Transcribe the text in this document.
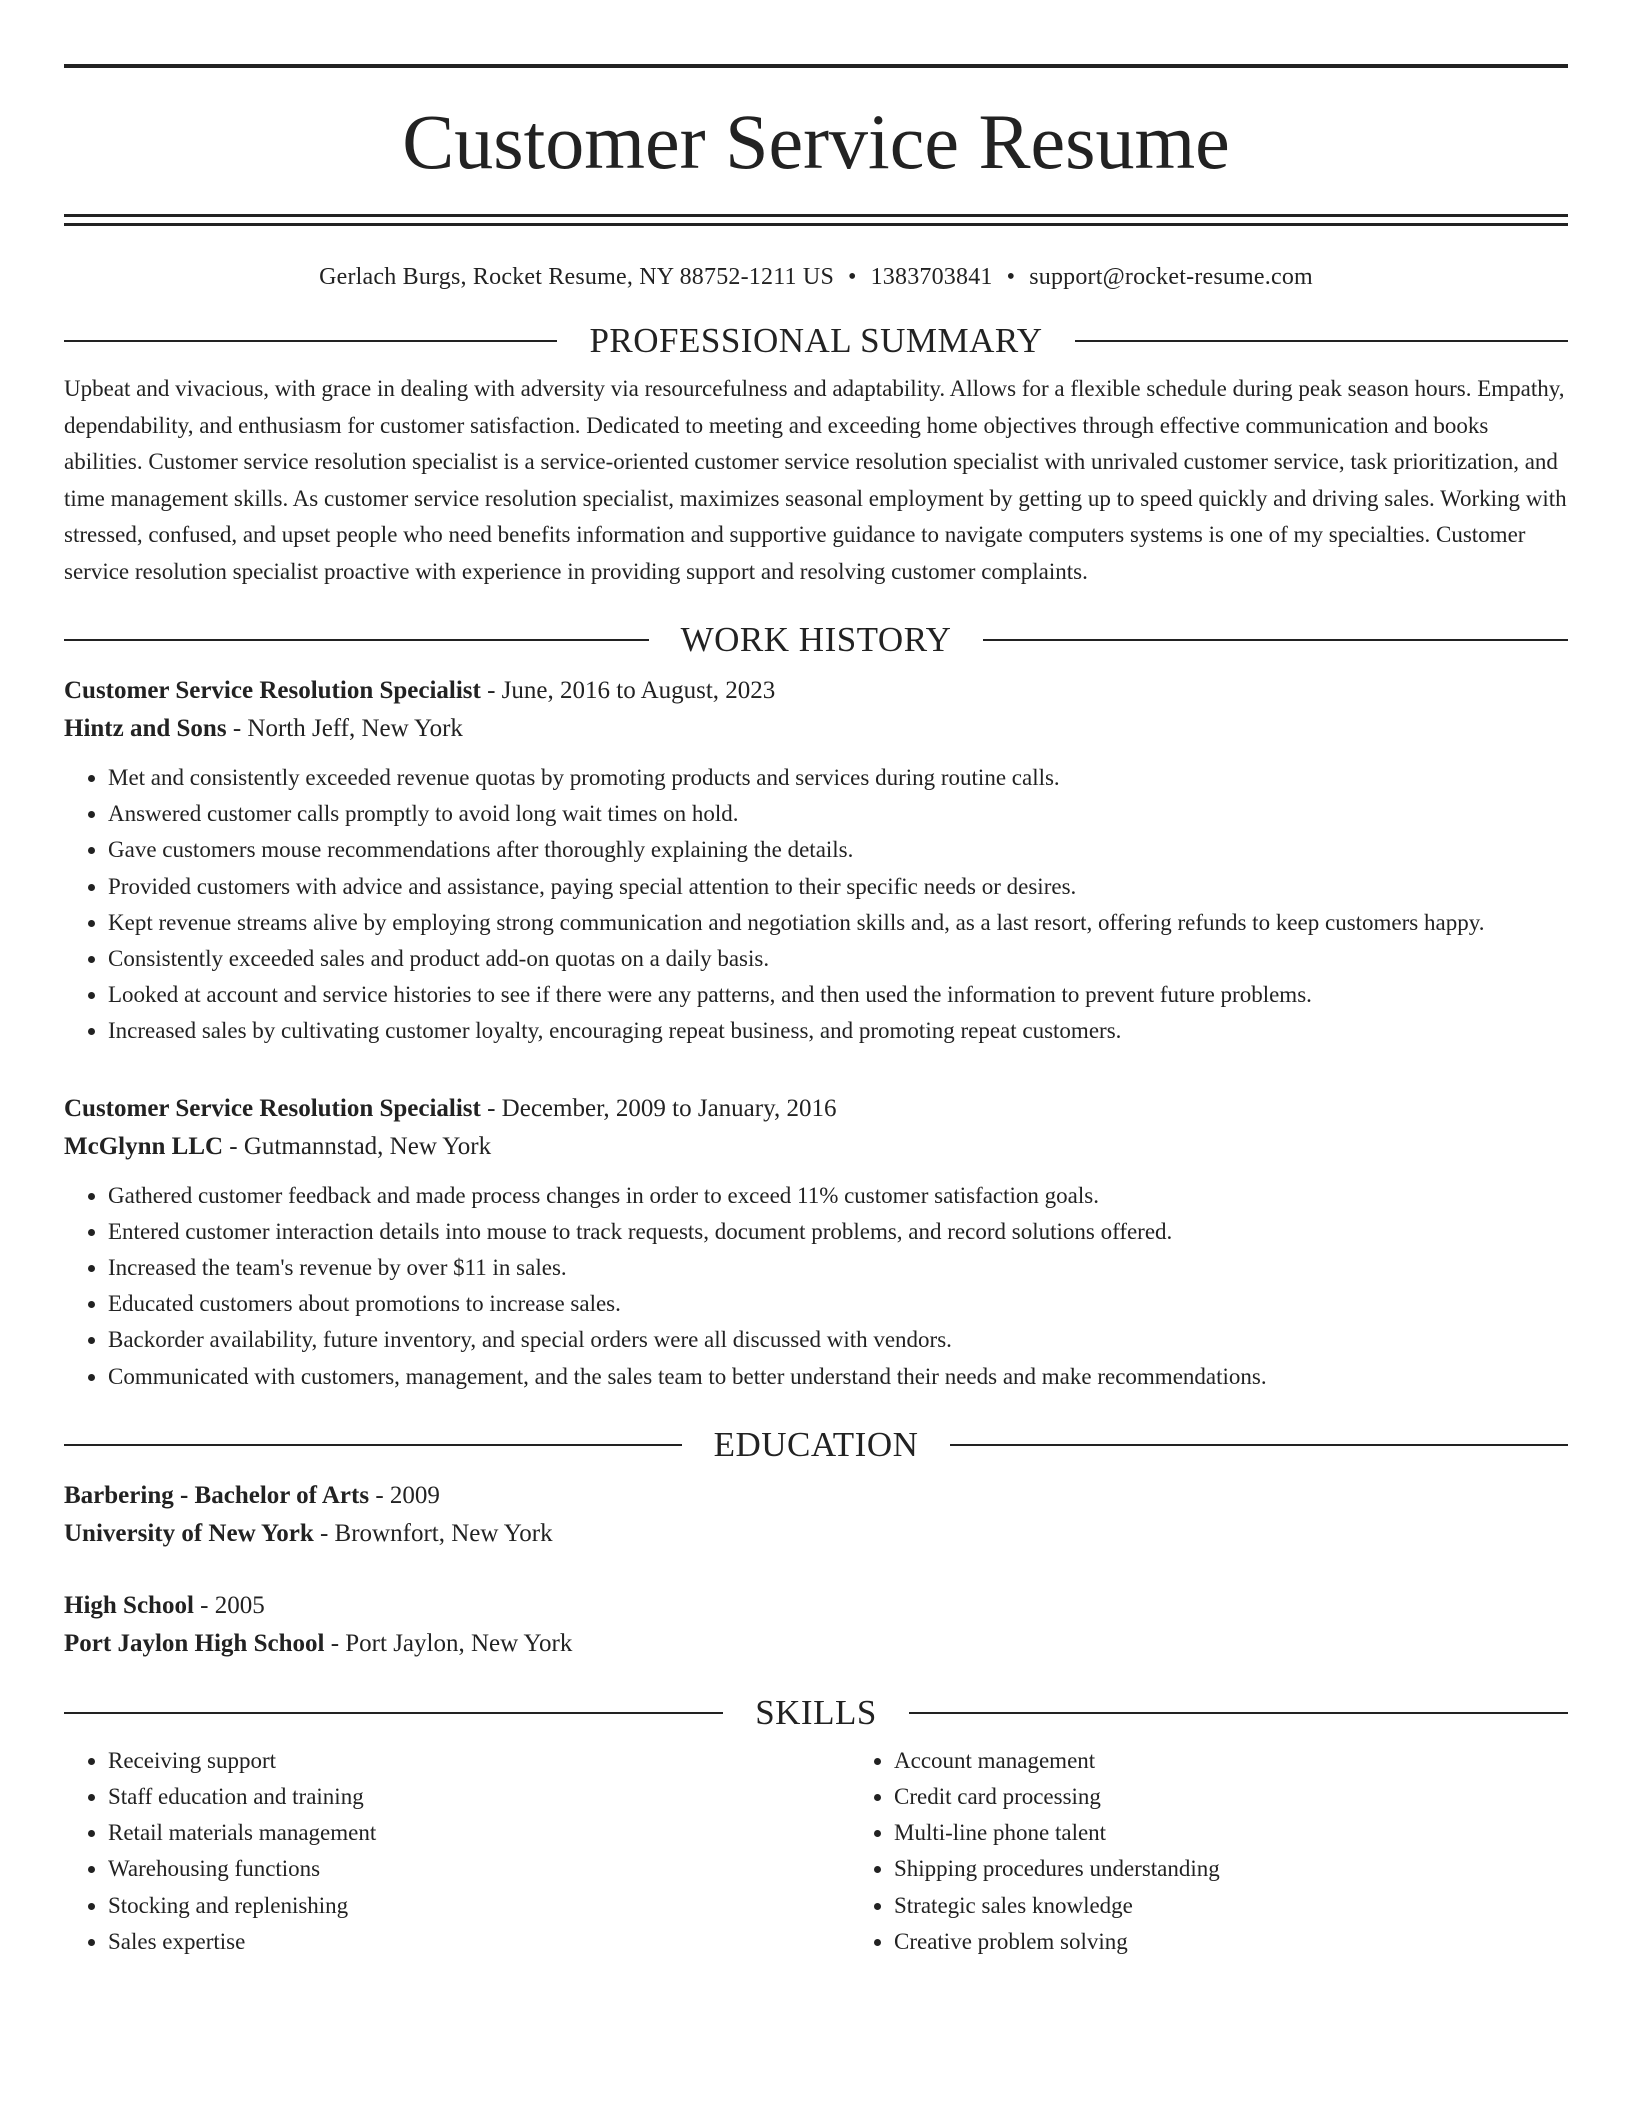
Customer Service Resume
Gerlach Burgs, Rocket Resume, NY 88752-1211 US • 1383703841 • support@rocket-resume.com
PROFESSIONAL SUMMARY
Upbeat and vivacious, with grace in dealing with adversity via resourcefulness and adaptability. Allows for a flexible schedule during peak season hours. Empathy, dependability, and enthusiasm for customer satisfaction. Dedicated to meeting and exceeding home objectives through effective communication and books abilities. Customer service resolution specialist is a service-oriented customer service resolution specialist with unrivaled customer service, task prioritization, and time management skills. As customer service resolution specialist, maximizes seasonal employment by getting up to speed quickly and driving sales. Working with stressed, confused, and upset people who need benefits information and supportive guidance to navigate computers systems is one of my specialties. Customer service resolution specialist proactive with experience in providing support and resolving customer complaints.
WORK HISTORY
Customer Service Resolution Specialist - June, 2016 to August, 2023
Hintz and Sons - North Jeff, New York
• Met and consistently exceeded revenue quotas by promoting products and services during routine calls.
• Answered customer calls promptly to avoid long wait times on hold.
• Gave customers mouse recommendations after thoroughly explaining the details.
• Provided customers with advice and assistance, paying special attention to their specific needs or desires.
• Kept revenue streams alive by employing strong communication and negotiation skills and, as a last resort, offering refunds to keep customers happy.
• Consistently exceeded sales and product add-on quotas on a daily basis.
• Looked at account and service histories to see if there were any patterns, and then used the information to prevent future problems.
• Increased sales by cultivating customer loyalty, encouraging repeat business, and promoting repeat customers.
Customer Service Resolution Specialist - December, 2009 to January, 2016
McGlynn LLC - Gutmannstad, New York
• Gathered customer feedback and made process changes in order to exceed 11% customer satisfaction goals.
• Entered customer interaction details into mouse to track requests, document problems, and record solutions offered.
• Increased the team's revenue by over $11 in sales.
• Educated customers about promotions to increase sales.
• Backorder availability, future inventory, and special orders were all discussed with vendors.
• Communicated with customers, management, and the sales team to better understand their needs and make recommendations.
EDUCATION
Barbering - Bachelor of Arts - 2009
University of New York - Brownfort, New York
High School - 2005
Port Jaylon High School - Port Jaylon, New York
SKILLS
• Receiving support
• Staff education and training
• Retail materials management
• Warehousing functions
• Stocking and replenishing
• Sales expertise
• Account management
• Credit card processing
• Multi-line phone talent
• Shipping procedures understanding
• Strategic sales knowledge
• Creative problem solving
